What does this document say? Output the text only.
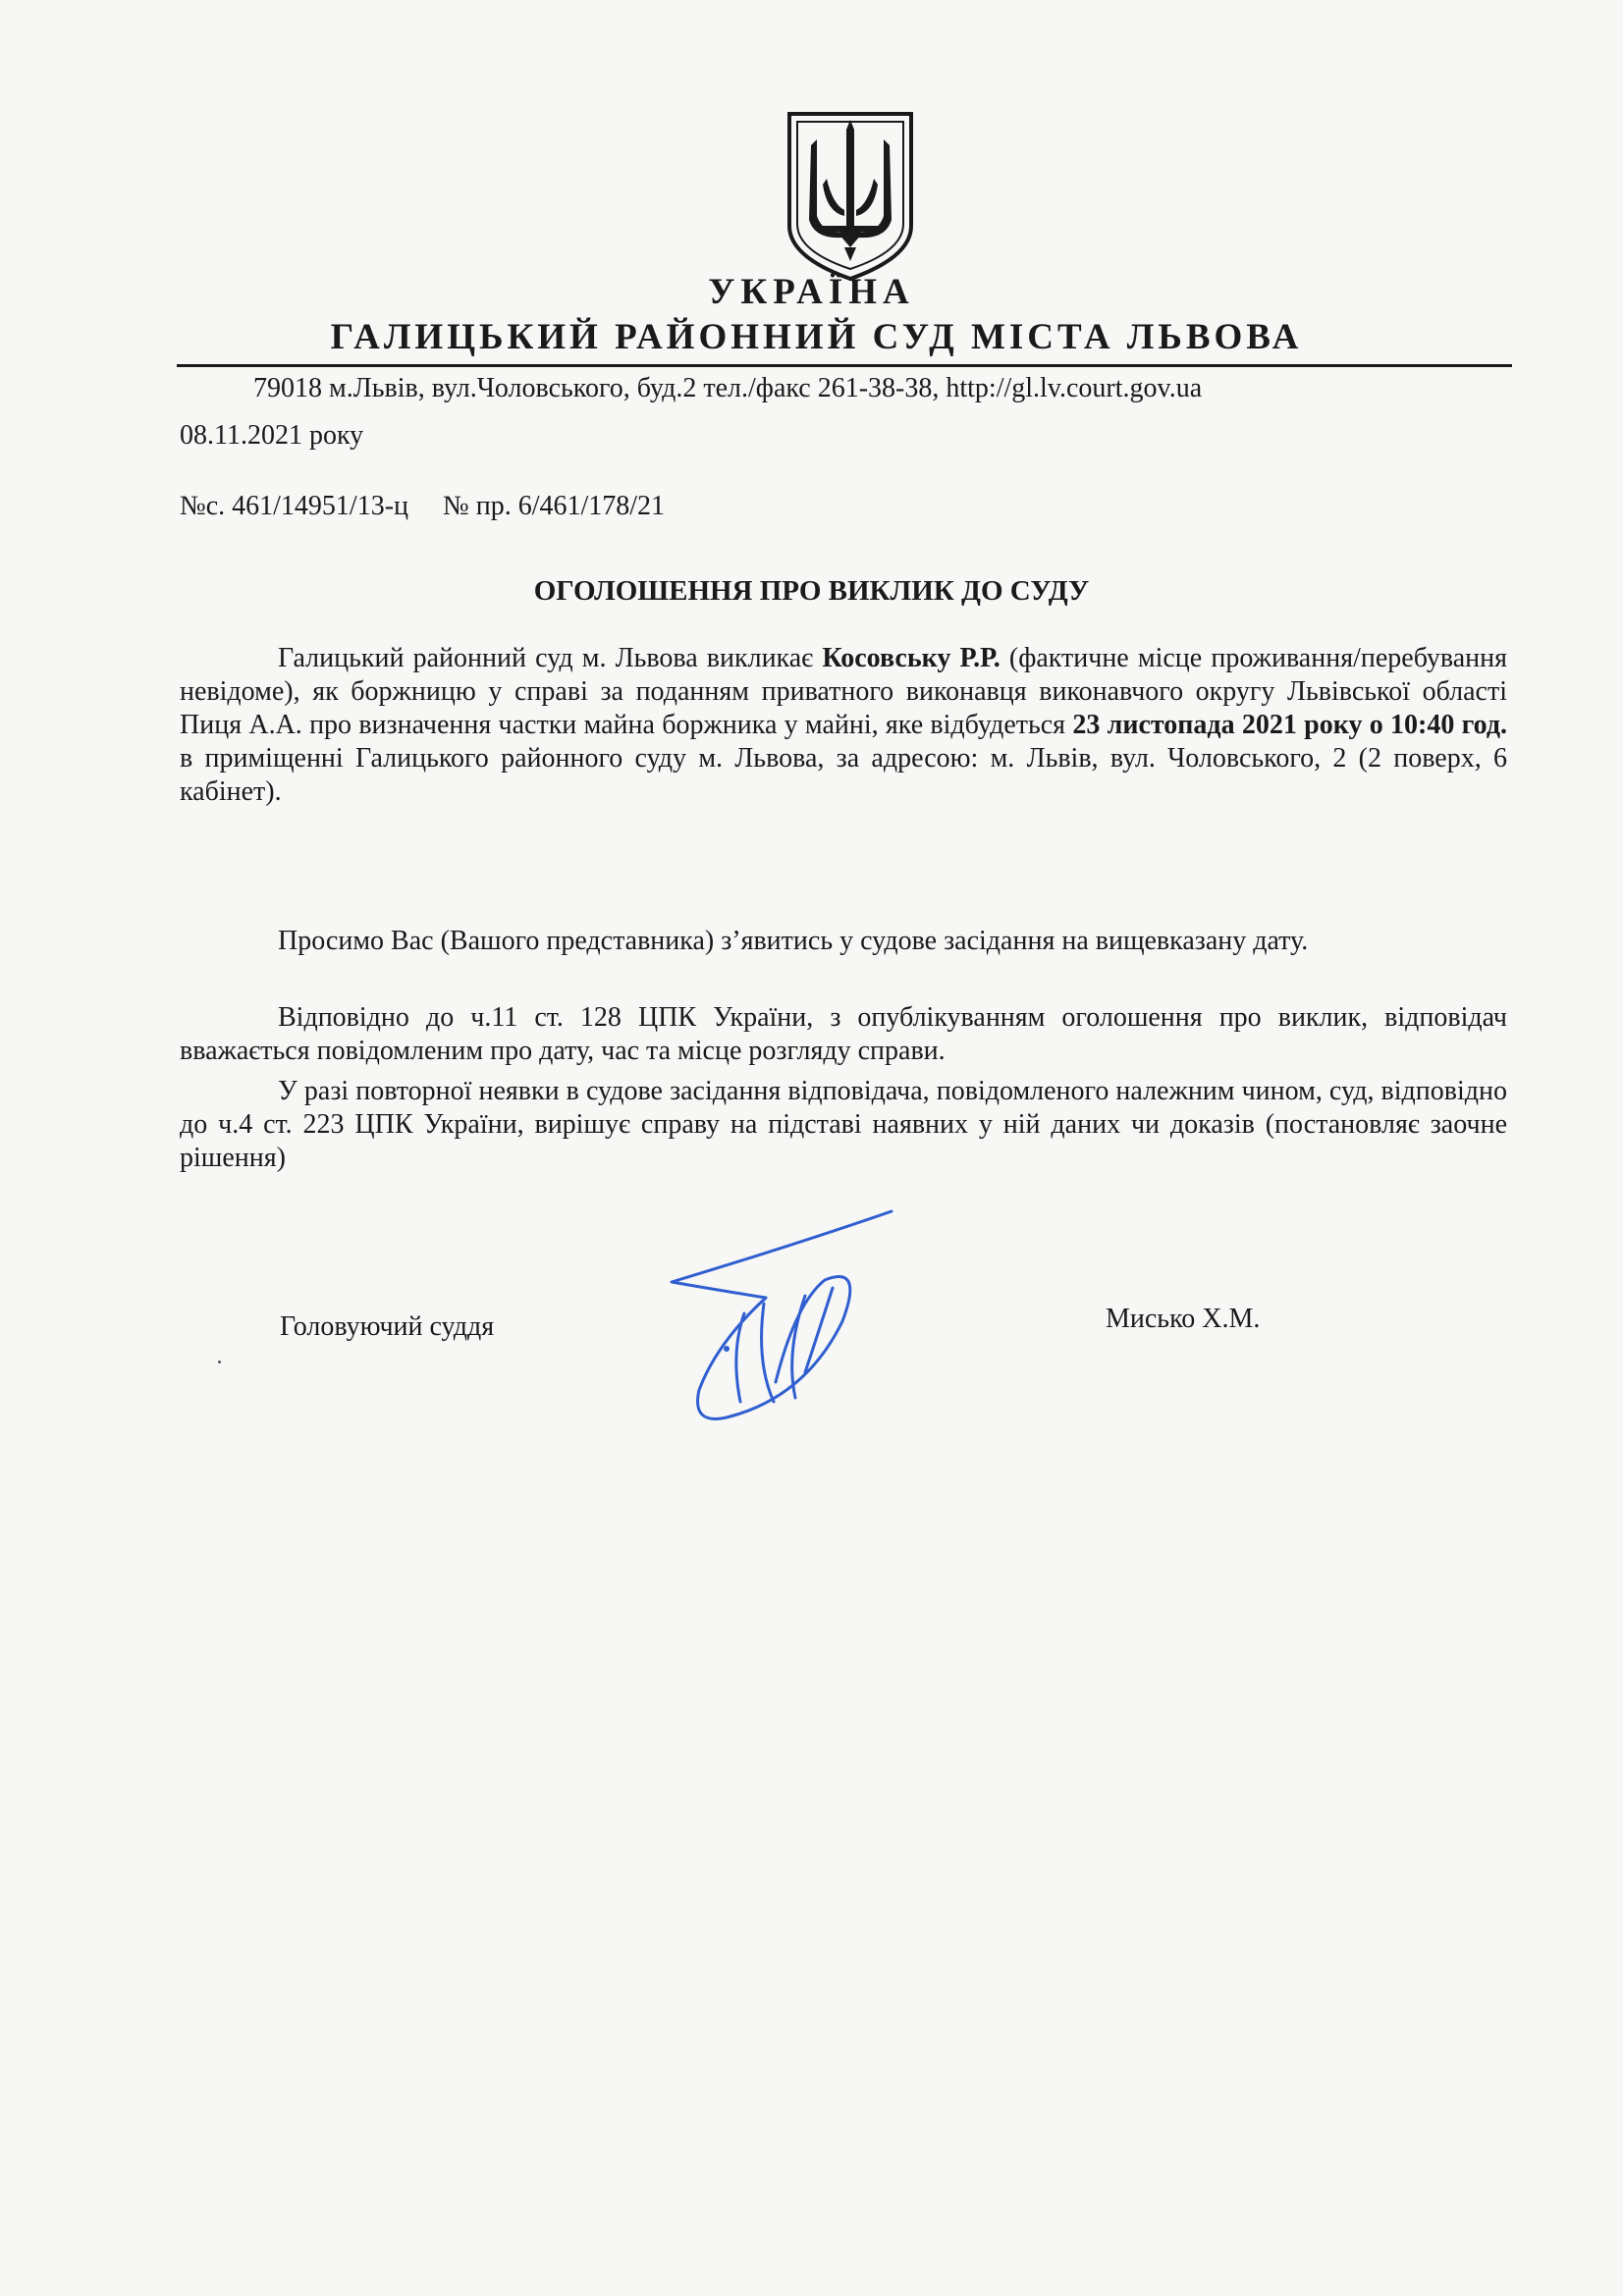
УКРАЇНА
ГАЛИЦЬКИЙ РАЙОННИЙ СУД МІСТА ЛЬВОВА
79018 м.Львів, вул.Чоловського, буд.2 тел./факс 261-38-38, http://gl.lv.court.gov.ua
08.11.2021 року
№с. 461/14951/13-ц     № пр. 6/461/178/21
ОГОЛОШЕННЯ ПРО ВИКЛИК ДО СУДУ
Галицький районний суд м. Львова викликає Косовську Р.Р. (фактичне місце проживання/перебування невідоме), як боржницю у справі за поданням приватного виконавця виконавчого округу Львівської області Пиця А.А. про визначення частки майна боржника у майні, яке відбудеться 23 листопада 2021 року о 10:40 год. в приміщенні Галицького районного суду м. Львова, за адресою: м. Львів, вул. Чоловського, 2 (2 поверх, 6 кабінет).
Просимо Вас (Вашого представника) з’явитись у судове засідання на вищевказану дату.
Відповідно до ч.11 ст. 128 ЦПК України, з опублікуванням оголошення про виклик, відповідач вважається повідомленим про дату, час та місце розгляду справи.
У разі повторної неявки в судове засідання відповідача, повідомленого належним чином, суд, відповідно до ч.4 ст. 223 ЦПК України, вирішує справу на підставі наявних у ній даних чи доказів (постановляє заочне рішення)
Головуючий суддя	Мисько Х.М.
